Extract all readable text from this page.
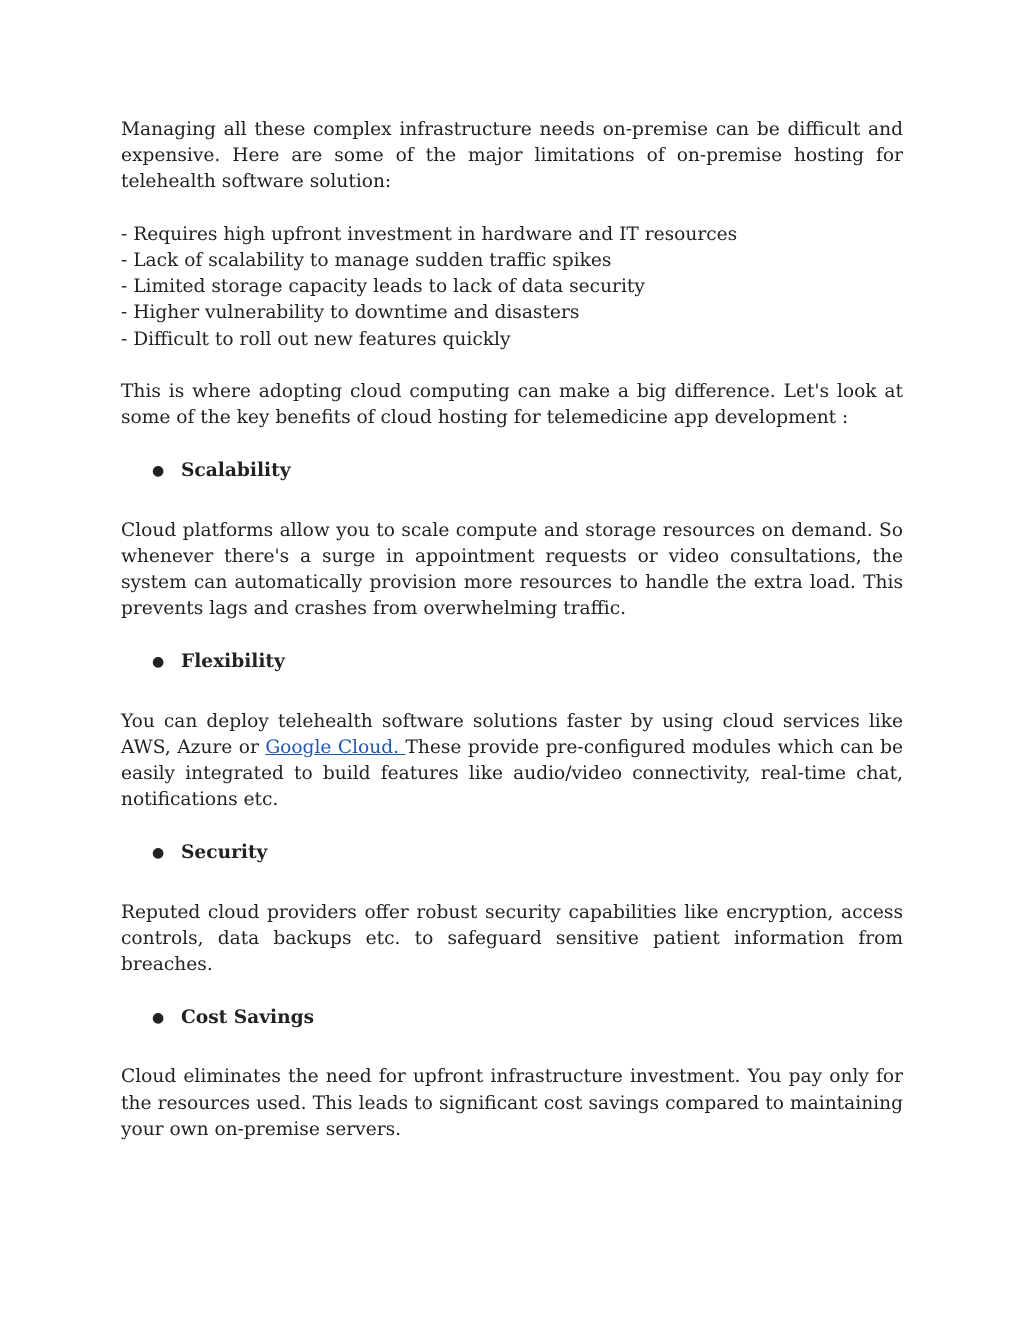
Managing all these complex infrastructure needs on-premise can be difficult and expensive. Here are some of the major limitations of on-premise hosting for telehealth software solution:

- Requires high upfront investment in hardware and IT resources

- Lack of scalability to manage sudden traffic spikes

- Limited storage capacity leads to lack of data security

- Higher vulnerability to downtime and disasters

- Difficult to roll out new features quickly

This is where adopting cloud computing can make a big difference. Let's look at some of the key benefits of cloud hosting for telemedicine app development :

● Scalability

Cloud platforms allow you to scale compute and storage resources on demand. So whenever there's a surge in appointment requests or video consultations, the system can automatically provision more resources to handle the extra load. This prevents lags and crashes from overwhelming traffic.

● Flexibility

You can deploy telehealth software solutions faster by using cloud services like AWS, Azure or Google Cloud. These provide pre-configured modules which can be easily integrated to build features like audio/video connectivity, real-time chat, notifications etc.

● Security

Reputed cloud providers offer robust security capabilities like encryption, access controls, data backups etc. to safeguard sensitive patient information from breaches.

● Cost Savings

Cloud eliminates the need for upfront infrastructure investment. You pay only for the resources used. This leads to significant cost savings compared to maintaining your own on-premise servers.
